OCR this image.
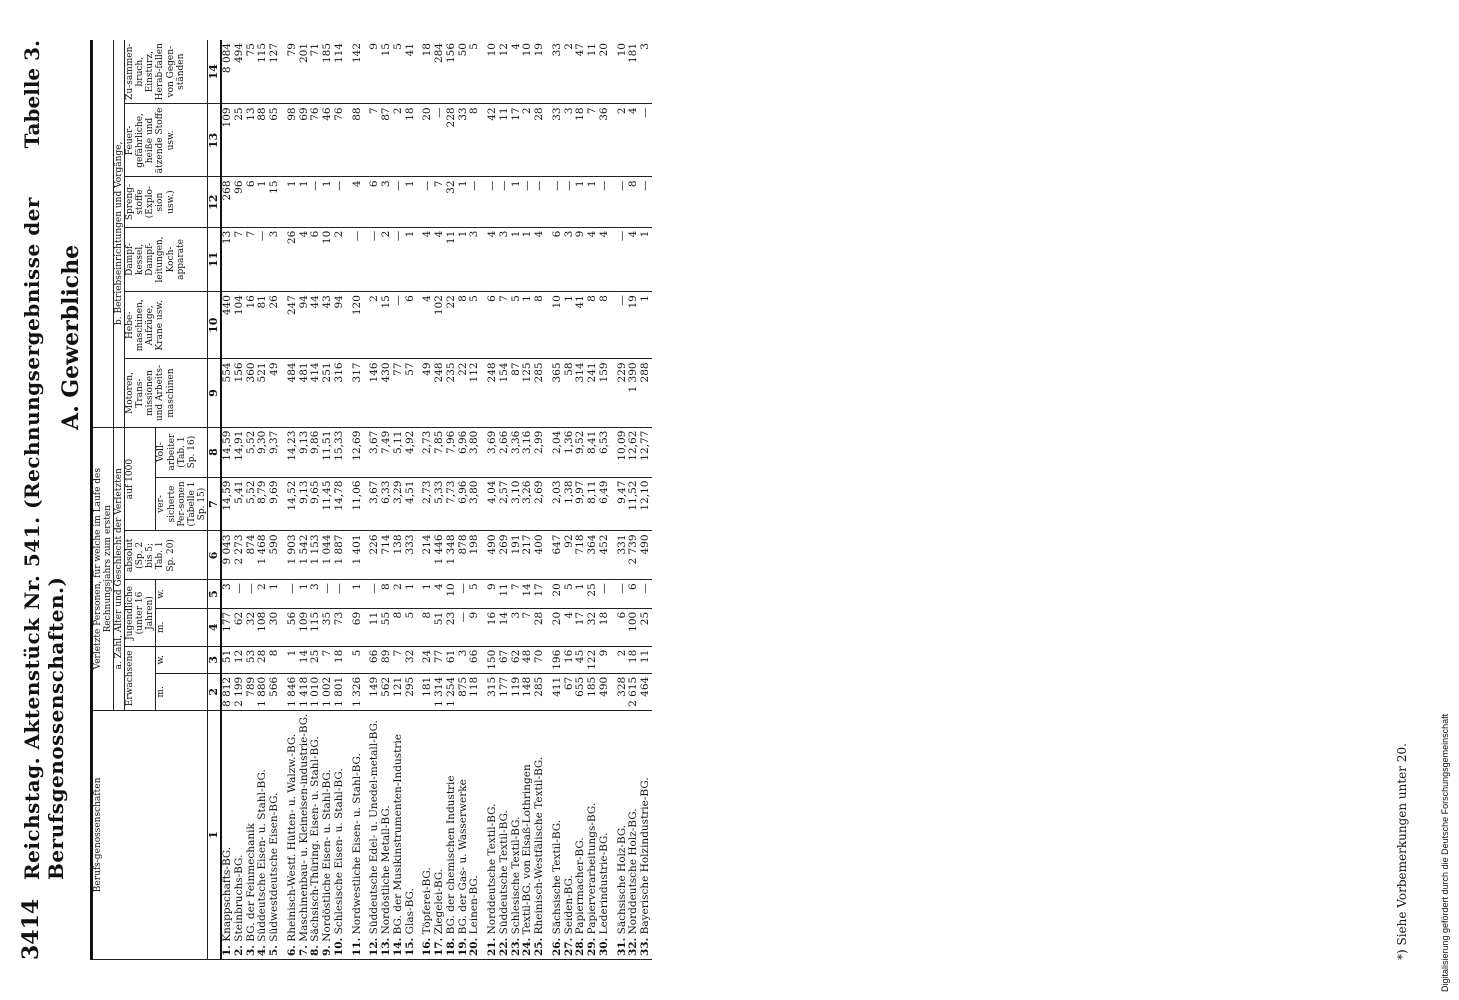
3414
Reichstag. Aktenstück Nr. 541. (Rechnungsergebnisse der Berufsgenossenschaften.)
Tabelle 3.
A. Gewerbliche
Berufs-genossenschaften	Verletzte Personen, für welche im Laufe des Rechnungsjahrs zum ersten												
	a. Zahl, Alter und Geschlecht der Verletzten							b. Betriebseinrichtungen und Vorgänge,					
	Erwachsene		Jugendliche (unter 16 Jahren)		absolut (Sp. 2 bis 5; Tab. 1 Sp. 20)	auf 1000		Motoren, Trans-missionen und Arbeits-maschinen	Hebe-maschinen, Aufzüge, Krane usw.	Dampf-kessel, Dampf-leitungen, Koch-apparate	Spreng-stoffe (Explo-sion usw.)	Feuer-gefährliche, heiße und ätzende Stoffe usw.	Zu-sammen-bruch, Einsturz, Herab-fallen von Gegen-ständen
	m.	w.	m.	w.		ver-sicherte Per-sonen (Tabelle 1 Sp. 15)	Voll-arbeiter (Tab. 1 Sp. 16)						
1	2	3	4	5	6	7	8	9	10	11	12	13	14
1. Knappschafts-BG.	8 812	51	177	3	9 043	14,59	14,59	554	440	13	268	109	8 084
2. Steinbruchs-BG.	2 199	12	62	—	2 273	5,41	14,91	156	104	7	96	25	494
3. BG. der Feinmechanik	789	53	32	—	874	5,52	5,52	360	16	7	6	13	75
4. Süddeutsche Eisen- u. Stahl-BG.	1 880	28	108	2	1 468	8,79	9,30	521	81	—	1	88	115
5. Südwestdeutsche Eisen-BG.	566	8	30	1	590	9,69	9,37	49	26	3	15	65	127
6. Rheinisch-Westf. Hütten- u. Walzw.-BG.	1 846	1	56	—	1 903	14,52	14,23	484	247	26	1	98	79
7. Maschinenbau- u. Kleineisen-industrie-BG.	1 418	14	109	1	1 542	9,13	9,13	481	94	4	1	69	201
8. Sächsisch-Thüring. Eisen- u. Stahl-BG.	1 010	25	115	3	1 153	9,65	9,86	414	44	6	—	76	71
9. Nordöstliche Eisen- u. Stahl-BG.	1 002	7	35	—	1 044	11,45	11,51	251	43	10	1	46	185
10. Schlesische Eisen- u. Stahl-BG.	1 801	18	73	—	1 887	14,78	15,33	316	94	2	—	76	114
11. Nordwestliche Eisen- u. Stahl-BG.	1 326	5	69	1	1 401	11,06	12,69	317	120	—	4	88	142
12. Süddeutsche Edel- u. Unedel-metall-BG.	149	66	11	—	226	3,67	3,67	146	2	—	6	7	9
13. Nordöstliche Metall-BG.	562	89	55	8	714	6,33	7,49	430	15	2	3	87	15
14. BG. der Musikinstrumenten-Industrie	121	7	8	2	138	3,29	5,11	77	—	—	—	2	5
15. Glas-BG.	295	32	5	1	333	4,51	4,92	57	6	1	1	18	41
16. Töpferei-BG.	181	24	8	1	214	2,73	2,73	49	4	4	—	20	18
17. Ziegelei-BG.	1 314	77	51	4	1 446	5,33	7,85	248	102	4	7	—	284
18. BG. der chemischen Industrie	1 254	61	23	10	1 348	7,73	7,96	235	22	11	32	228	156
19. BG. der Gas- u. Wasserwerke	875	3	—	—	878	6,96	6,96	22	8	1	1	33	50
20. Leinen-BG.	118	66	9	5	198	3,80	3,80	112	5	3	—	8	5
21. Norddeutsche Textil-BG.	315	150	16	9	490	4,04	3,69	248	6	4	—	42	10
22. Süddeutsche Textil-BG.	177	67	14	11	269	2,57	2,66	154	7	3	—	11	12
23. Schlesische Textil-BG.	119	62	3	7	191	3,10	3,36	87	5	1	1	17	4
24. Textil-BG. von Elsaß-Lothringen	148	48	7	14	217	3,26	3,16	125	1	1	—	2	10
25. Rheinisch-Westfälische Textil-BG.	285	70	28	17	400	2,69	2,99	285	8	4	—	28	19
26. Sächsische Textil-BG.	411	196	20	20	647	2,03	2,04	365	10	6	—	33	33
27. Seiden-BG.	67	16	4	5	92	1,38	1,36	58	1	3	—	3	2
28. Papiermacher-BG.	655	45	17	1	718	9,97	9,52	314	41	9	1	18	47
29. Papierverarbeitungs-BG.	185	122	32	25	364	8,11	8,41	241	8	4	1	7	11
30. Lederindustrie-BG.	490	9	18	—	452	6,49	6,53	159	8	4	—	36	20
31. Sächsische Holz-BG.	328	2	6	—	331	9,47	10,09	229	—	—	—	2	10
32. Norddeutsche Holz-BG.	2 615	18	100	6	2 739	11,52	12,62	1 390	19	4	8	4	181
33. Bayerische Holzindustrie-BG.	464	11	25	—	490	12,10	12,77	288	1	1	—	—	3
*) Siehe Vorbemerkungen unter 20.	Digitalisierung gefördert durch die Deutsche Forschungsgemeinschaft
